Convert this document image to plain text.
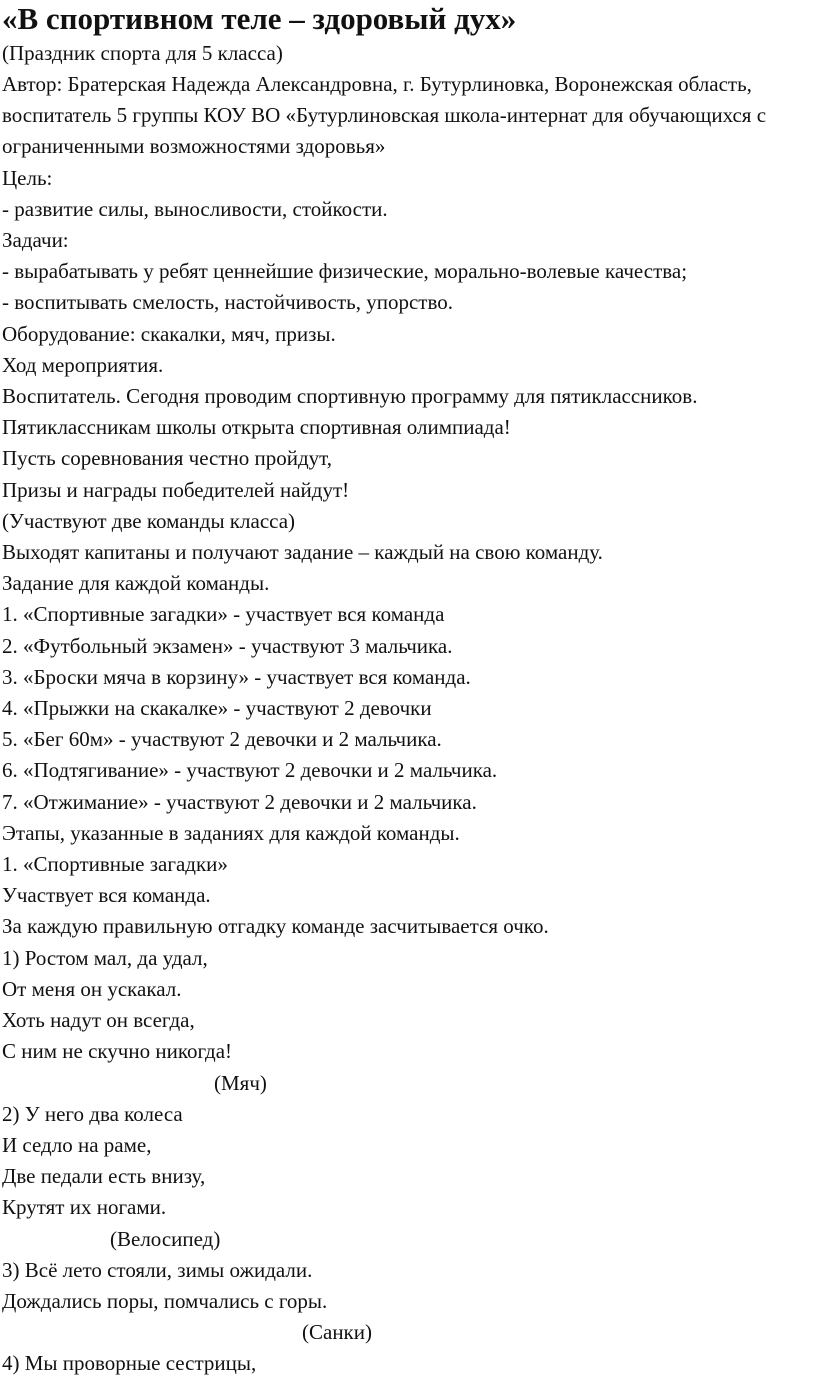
«В спортивном теле – здоровый дух»

(Праздник спорта для 5 класса)

Автор: Братерская Надежда Александровна, г. Бутурлиновка, Воронежская область, воспитатель 5 группы КОУ ВО «Бутурлиновская школа-интернат для обучающихся с ограниченными возможностями здоровья»

Цель:

- развитие силы, выносливости, стойкости.

Задачи:

- вырабатывать у ребят ценнейшие физические, морально-волевые качества;

- воспитывать смелость, настойчивость, упорство.

Оборудование: скакалки, мяч, призы.

Ход мероприятия.

Воспитатель. Сегодня проводим спортивную программу для пятиклассников.

Пятиклассникам школы открыта спортивная олимпиада!

Пусть соревнования честно пройдут,

Призы и награды победителей найдут!

(Участвуют две команды класса)

Выходят капитаны и получают задание – каждый на свою команду.

Задание для каждой команды.

1. «Спортивные загадки» - участвует вся команда

2. «Футбольный экзамен» - участвуют 3 мальчика.

3. «Броски мяча в корзину» - участвует вся команда.

4. «Прыжки на скакалке» - участвуют 2 девочки

5. «Бег 60м» - участвуют 2 девочки и 2 мальчика.

6. «Подтягивание» - участвуют 2 девочки и 2 мальчика.

7. «Отжимание» - участвуют 2 девочки и 2 мальчика.

Этапы, указанные в заданиях для каждой команды.

1. «Спортивные загадки»

Участвует вся команда.

За каждую правильную отгадку команде засчитывается очко.

1) Ростом мал, да удал,

От меня он ускакал.

Хоть надут он всегда,

С ним не скучно никогда!

(Мяч)

2) У него два колеса

И седло на раме,

Две педали есть внизу,

Крутят их ногами.

(Велосипед)

3) Всё лето стояли, зимы ожидали.

Дождались поры, помчались с горы.

(Санки)

4) Мы проворные сестрицы,
